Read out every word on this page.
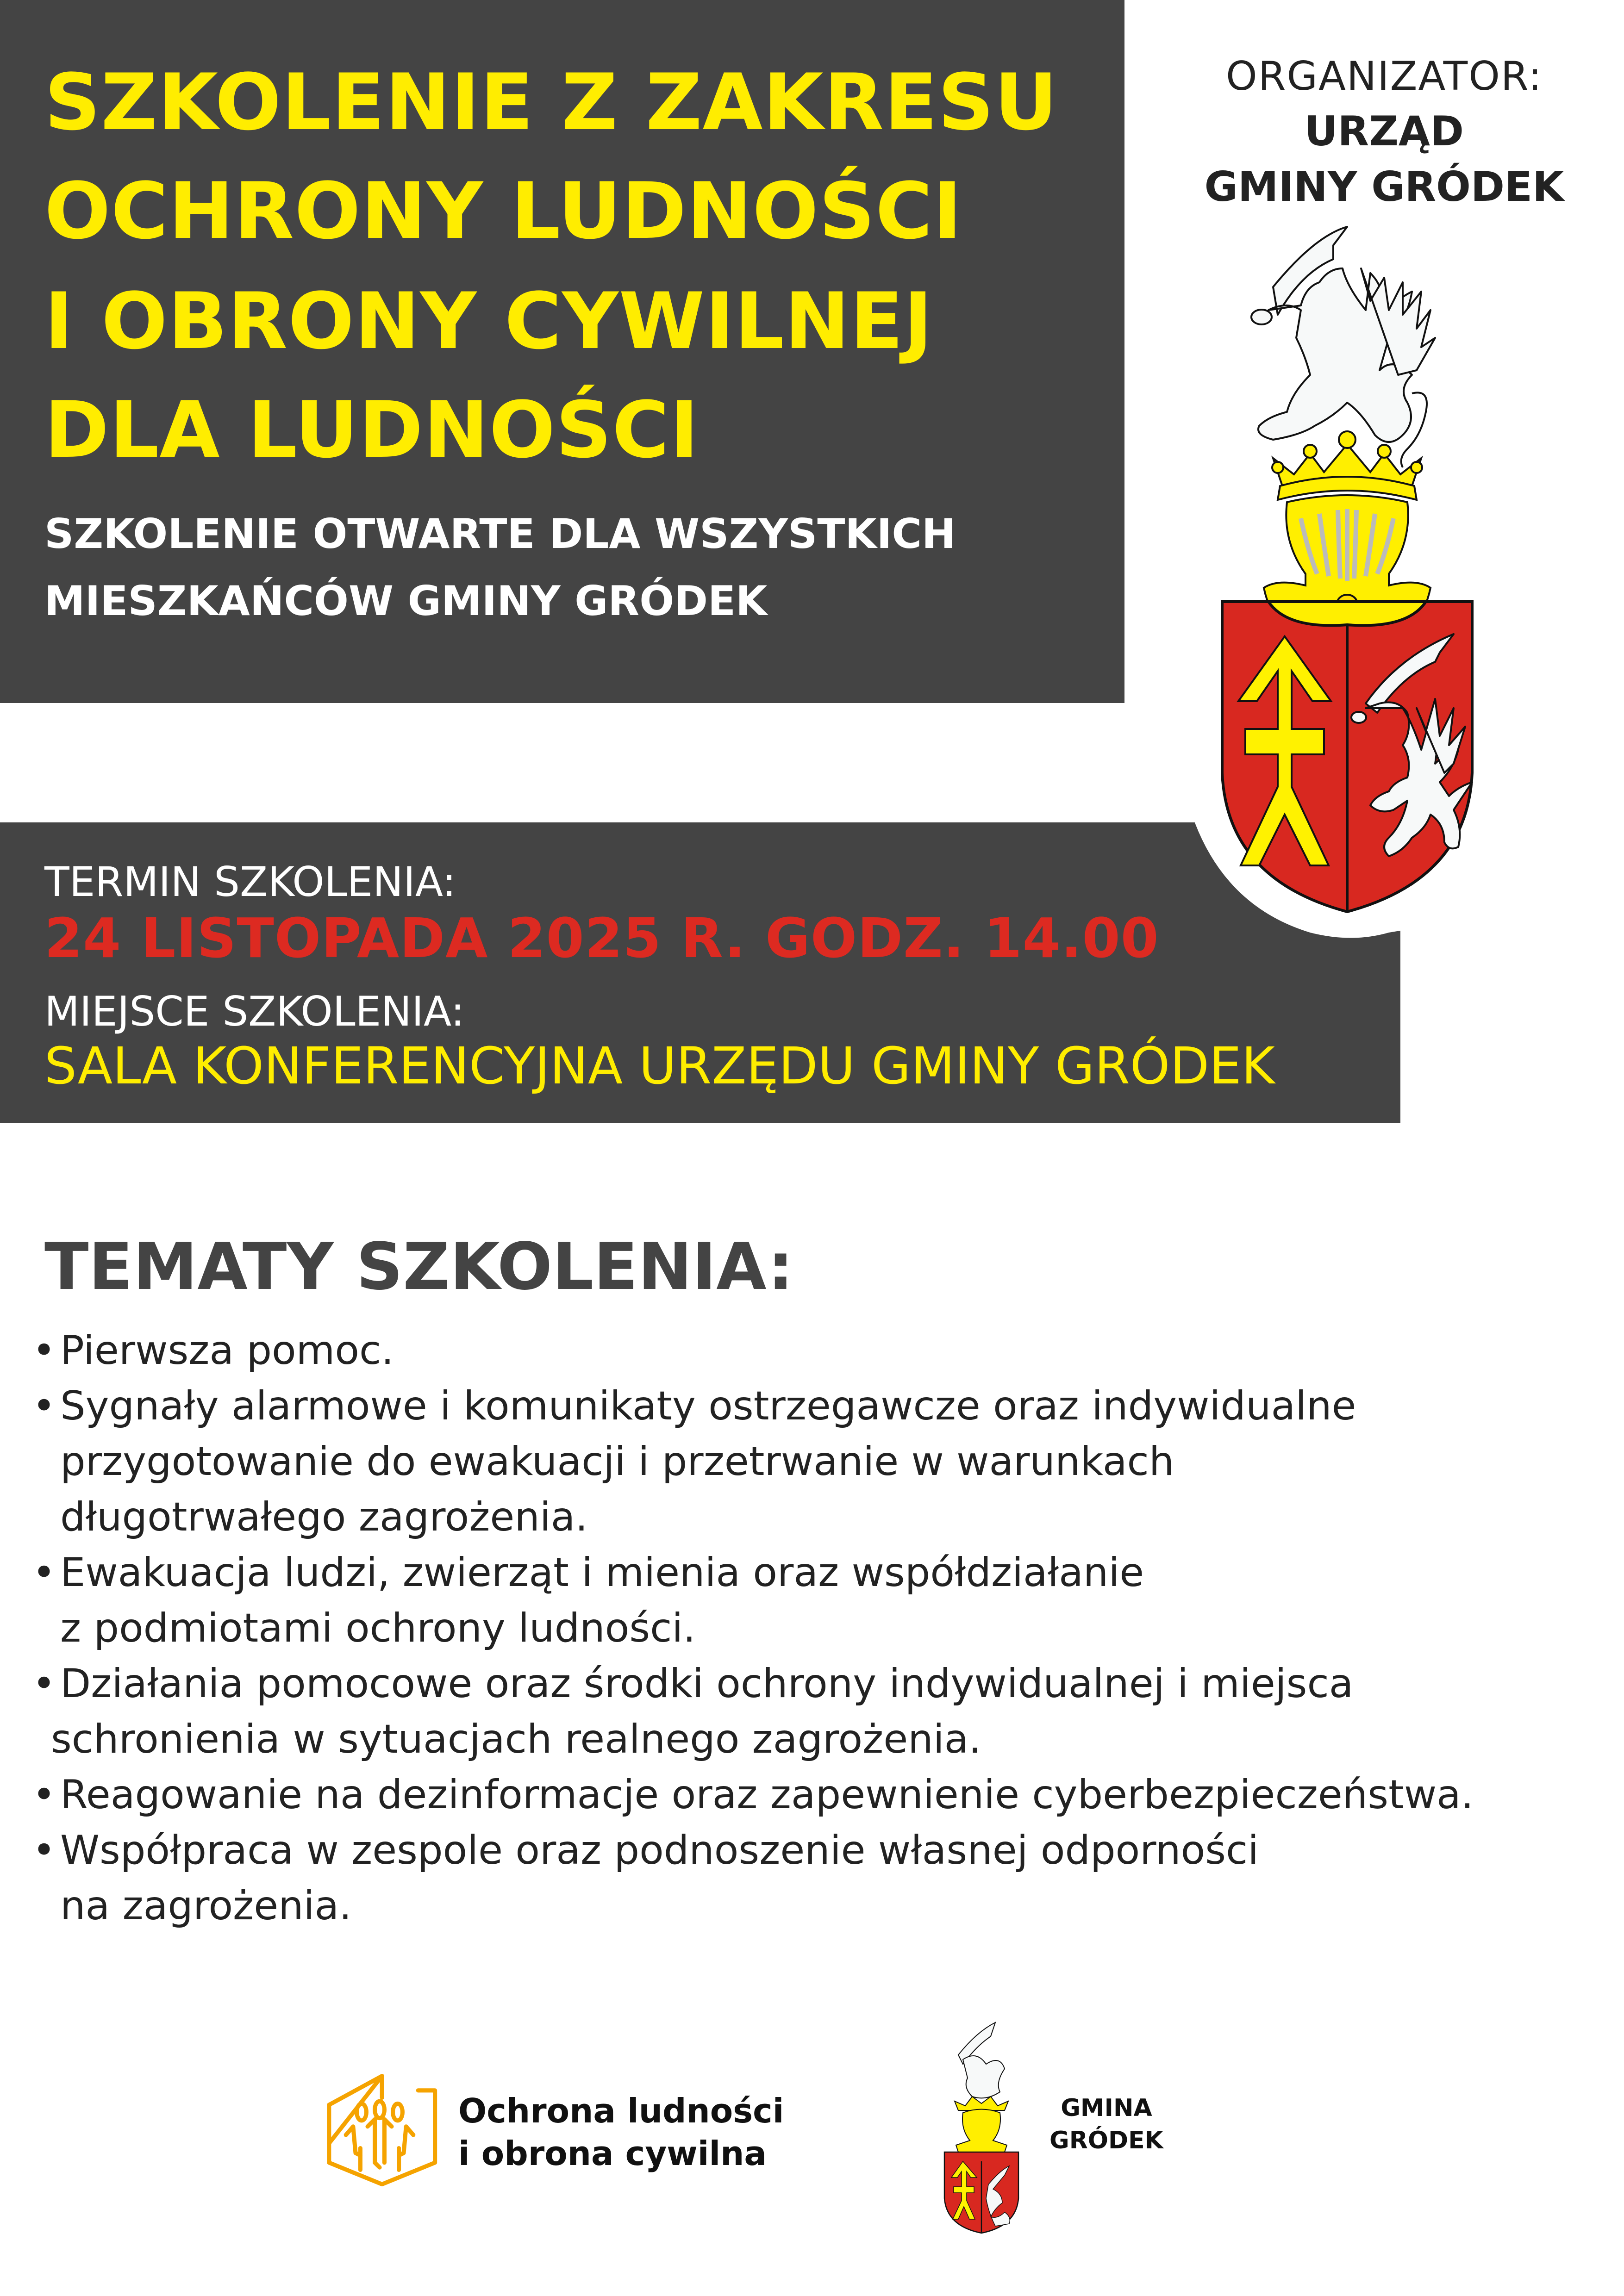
SZKOLENIE Z ZAKRESU
OCHRONY LUDNOŚCI
I OBRONY CYWILNEJ
DLA LUDNOŚCI
SZKOLENIE OTWARTE DLA WSZYSTKICH
MIESZKAŃCÓW GMINY GRÓDEK
ORGANIZATOR:
URZĄD
GMINY GRÓDEK
TERMIN SZKOLENIA:
24 LISTOPADA 2025 R. GODZ. 14.00
MIEJSCE SZKOLENIA:
SALA KONFERENCYJNA URZĘDU GMINY GRÓDEK
TEMATY SZKOLENIA:
• Pierwsza pomoc.
• Sygnały alarmowe i komunikaty ostrzegawcze oraz indywidualne
przygotowanie do ewakuacji i przetrwanie w warunkach
długotrwałego zagrożenia.
• Ewakuacja ludzi, zwierząt i mienia oraz współdziałanie
z podmiotami ochrony ludności.
• Działania pomocowe oraz środki ochrony indywidualnej i miejsca
schronienia w sytuacjach realnego zagrożenia.
• Reagowanie na dezinformacje oraz zapewnienie cyberbezpieczeństwa.
• Współpraca w zespole oraz podnoszenie własnej odporności
na zagrożenia.
Ochrona ludności
i obrona cywilna
GMINA
GRÓDEK
